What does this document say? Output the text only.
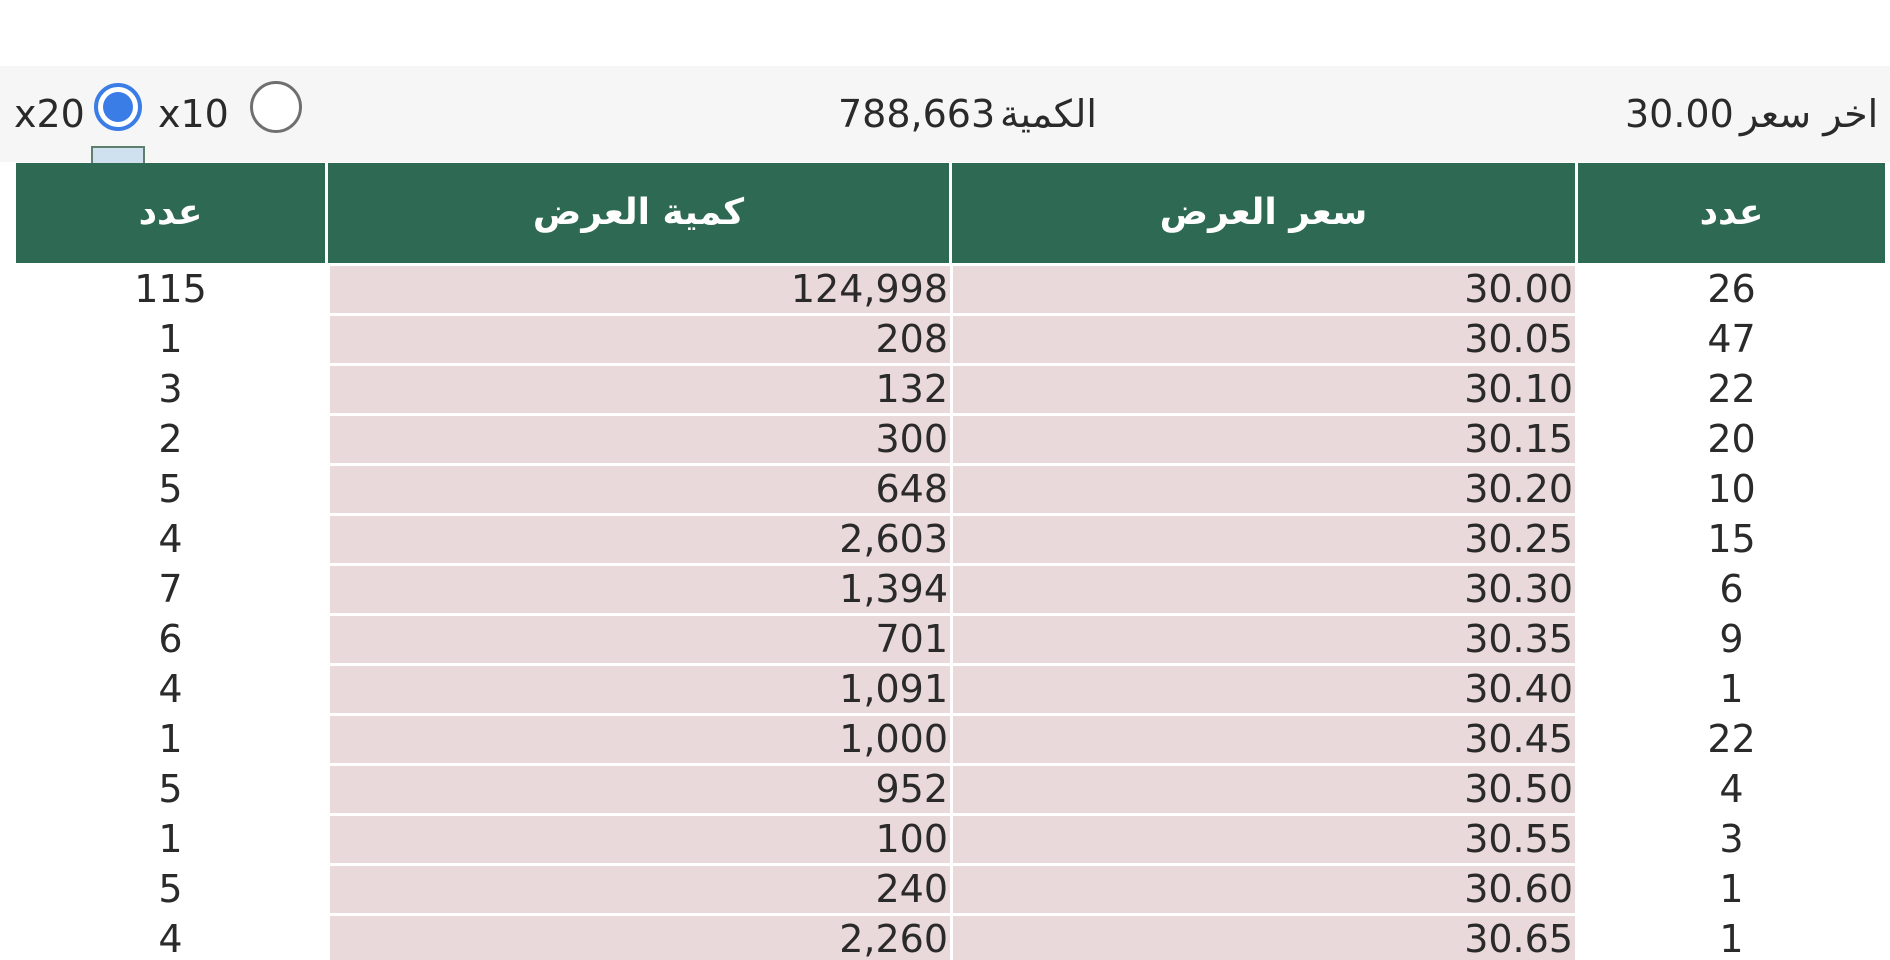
x20 x10	788,663 الكمية	30.00 اخر سعر
عدد	كمية العرض	سعر العرض	عدد
115	124,998	30.00	26
1	208	30.05	47
3	132	30.10	22
2	300	30.15	20
5	648	30.20	10
4	2,603	30.25	15
7	1,394	30.30	6
6	701	30.35	9
4	1,091	30.40	1
1	1,000	30.45	22
5	952	30.50	4
1	100	30.55	3
5	240	30.60	1
4	2,260	30.65	1
